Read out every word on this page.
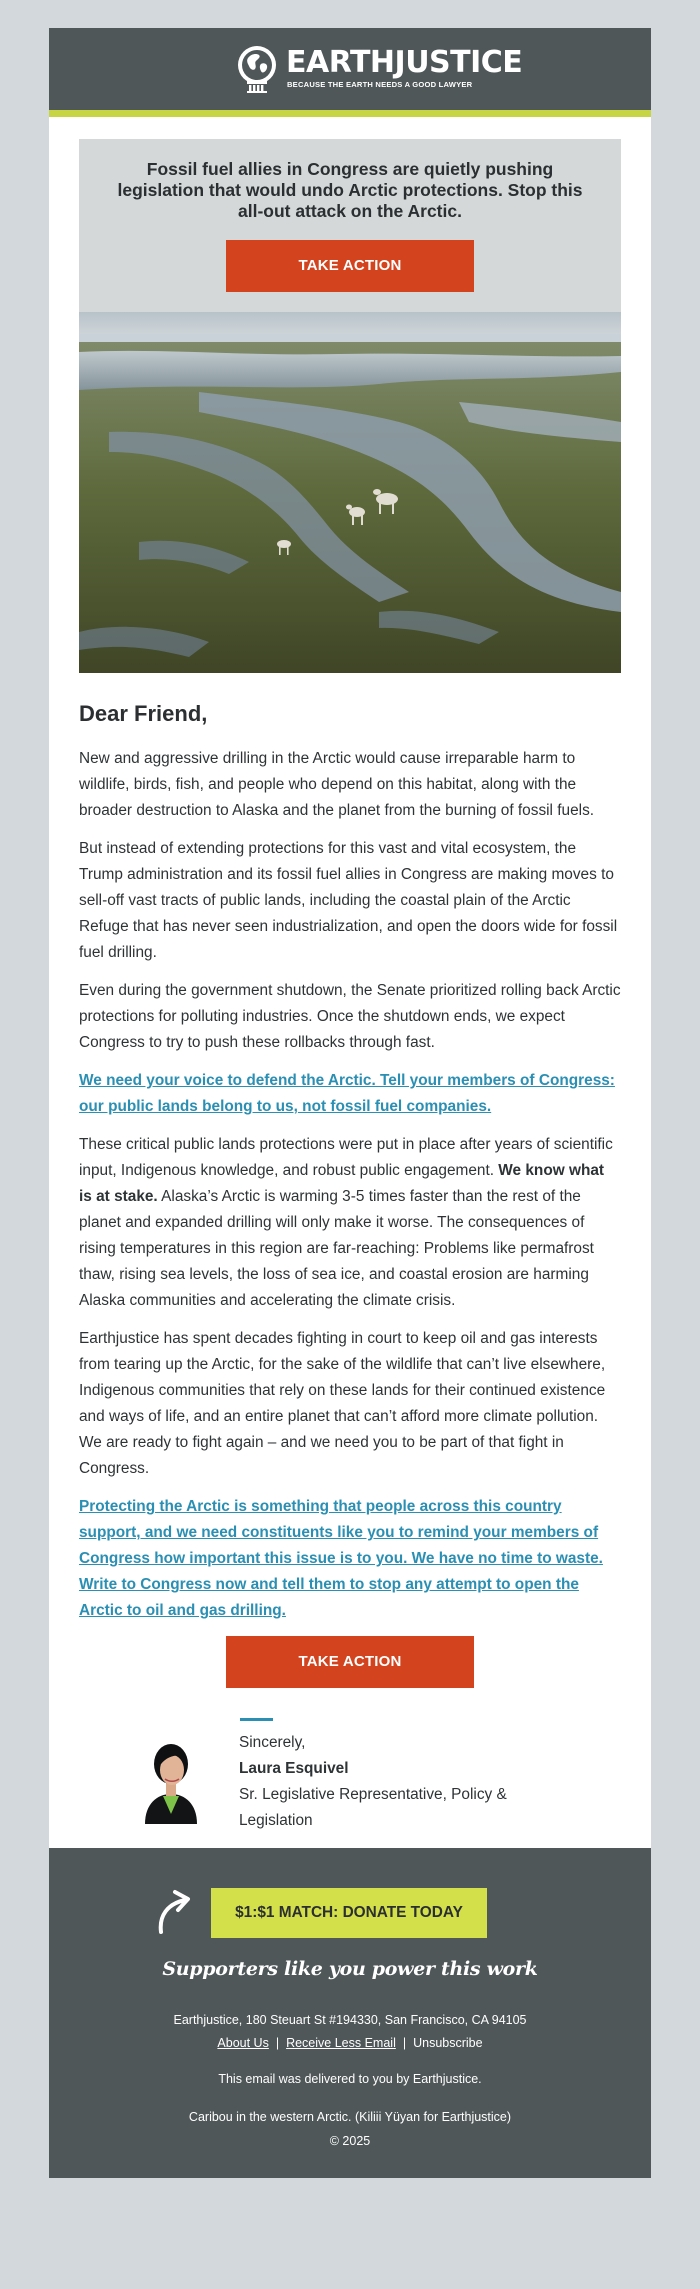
EARTHJUSTICE
BECAUSE THE EARTH NEEDS A GOOD LAWYER
Fossil fuel allies in Congress are quietly pushing legislation that would undo Arctic protections. Stop this all-out attack on the Arctic.
TAKE ACTION
Dear Friend,

New and aggressive drilling in the Arctic would cause irreparable harm to wildlife, birds, fish, and people who depend on this habitat, along with the broader destruction to Alaska and the planet from the burning of fossil fuels.

But instead of extending protections for this vast and vital ecosystem, the Trump administration and its fossil fuel allies in Congress are making moves to sell-off vast tracts of public lands, including the coastal plain of the Arctic Refuge that has never seen industrialization, and open the doors wide for fossil fuel drilling.

Even during the government shutdown, the Senate prioritized rolling back Arctic protections for polluting industries. Once the shutdown ends, we expect Congress to try to push these rollbacks through fast.

We need your voice to defend the Arctic. Tell your members of Congress: our public lands belong to us, not fossil fuel companies.

These critical public lands protections were put in place after years of scientific input, Indigenous knowledge, and robust public engagement. We know what is at stake. Alaska’s Arctic is warming 3-5 times faster than the rest of the planet and expanded drilling will only make it worse. The consequences of rising temperatures in this region are far-reaching: Problems like permafrost thaw, rising sea levels, the loss of sea ice, and coastal erosion are harming Alaska communities and accelerating the climate crisis.

Earthjustice has spent decades fighting in court to keep oil and gas interests from tearing up the Arctic, for the sake of the wildlife that can’t live elsewhere, Indigenous communities that rely on these lands for their continued existence and ways of life, and an entire planet that can’t afford more climate pollution. We are ready to fight again – and we need you to be part of that fight in Congress.

Protecting the Arctic is something that people across this country support, and we need constituents like you to remind your members of Congress how important this issue is to you. We have no time to waste. Write to Congress now and tell them to stop any attempt to open the Arctic to oil and gas drilling.

TAKE ACTION
Sincerely,
Laura Esquivel
Sr. Legislative Representative, Policy & Legislation
$1:$1 MATCH: DONATE TODAY
Supporters like you power this work
Earthjustice, 180 Steuart St #194330, San Francisco, CA 94105
About Us | Receive Less Email | Unsubscribe
This email was delivered to you by Earthjustice.
Caribou in the western Arctic. (Kiliii Yüyan for Earthjustice)
© 2025
